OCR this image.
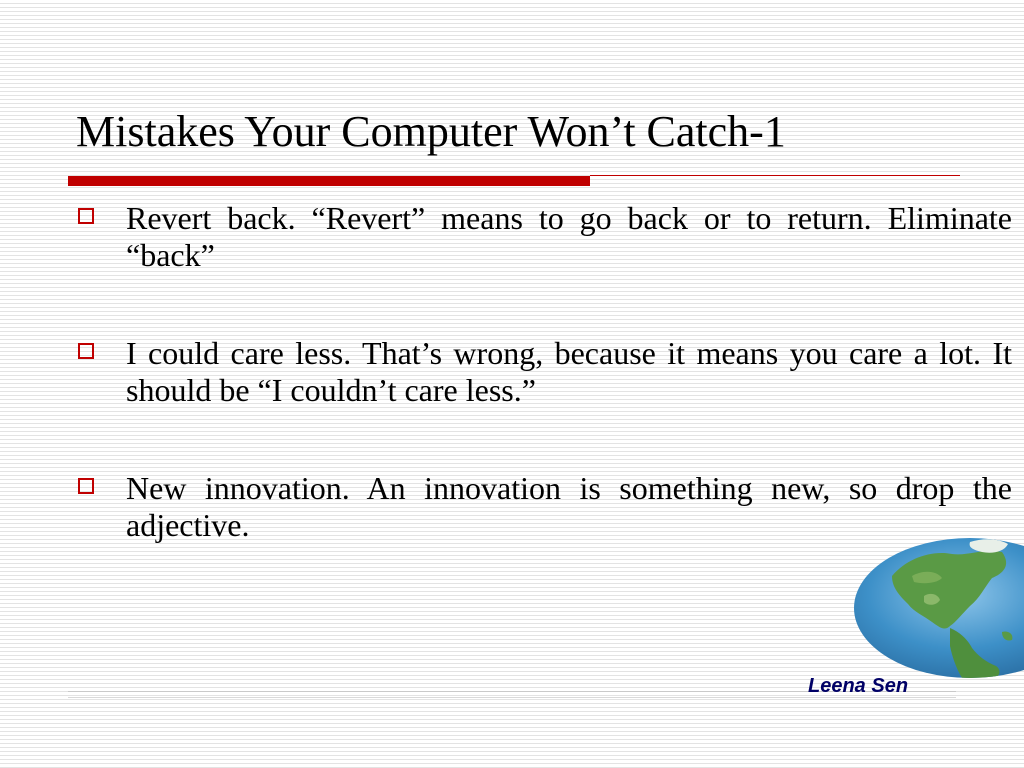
Mistakes Your Computer Won’t Catch-1
Revert back. “Revert” means to go back or to return. Eliminate “back”
I could care less. That’s wrong, because it means you care a lot. It should be “I couldn’t care less.”
New innovation. An innovation is something new, so drop the adjective.
Leena Sen
